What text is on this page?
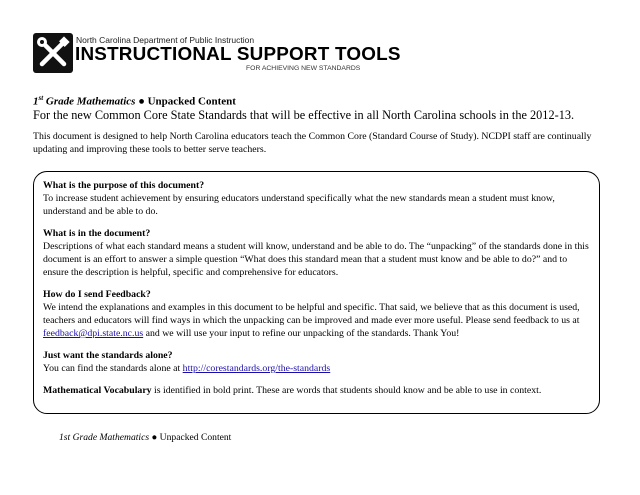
North Carolina Department of Public Instruction
INSTRUCTIONAL SUPPORT TOOLS
FOR ACHIEVING NEW STANDARDS
1st Grade Mathematics ● Unpacked Content
For the new Common Core State Standards that will be effective in all North Carolina schools in the 2012-13.
This document is designed to help North Carolina educators teach the Common Core (Standard Course of Study). NCDPI staff are continually updating and improving these tools to better serve teachers.
What is the purpose of this document?
To increase student achievement by ensuring educators understand specifically what the new standards mean a student must know, understand and be able to do.
What is in the document?
Descriptions of what each standard means a student will know, understand and be able to do. The “unpacking” of the standards done in this document is an effort to answer a simple question “What does this standard mean that a student must know and be able to do?” and to ensure the description is helpful, specific and comprehensive for educators.
How do I send Feedback?
We intend the explanations and examples in this document to be helpful and specific. That said, we believe that as this document is used, teachers and educators will find ways in which the unpacking can be improved and made ever more useful. Please send feedback to us at feedback@dpi.state.nc.us and we will use your input to refine our unpacking of the standards. Thank You!
Just want the standards alone?
You can find the standards alone at http://corestandards.org/the-standards
Mathematical Vocabulary is identified in bold print. These are words that students should know and be able to use in context.
1st Grade Mathematics ● Unpacked Content
